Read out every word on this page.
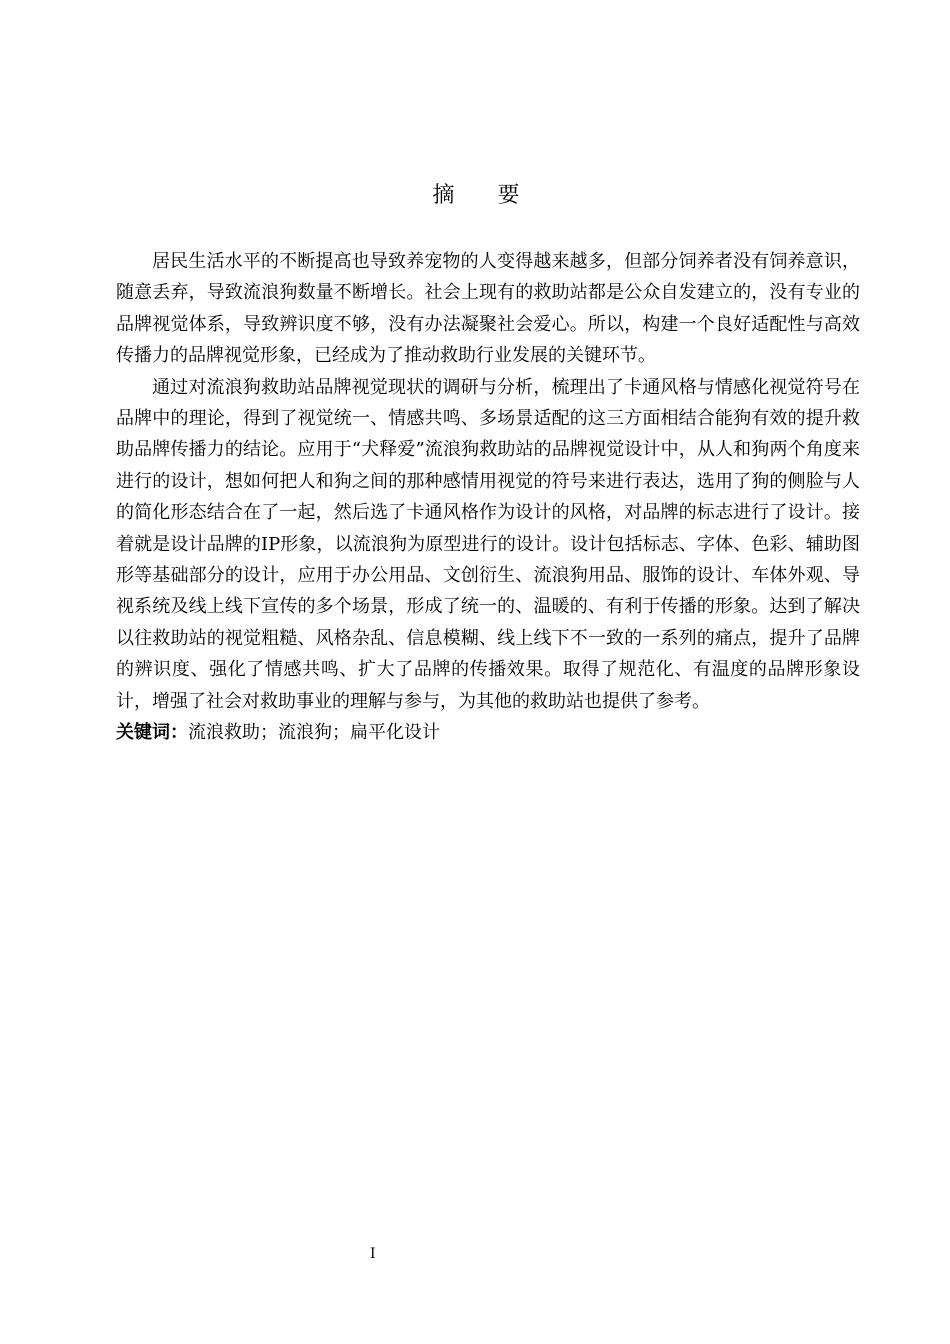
摘 要

居民生活水平的不断提高也导致养宠物的人变得越来越多，但部分饲养者没有饲养意识，随意丢弃，导致流浪狗数量不断增长。社会上现有的救助站都是公众自发建立的，没有专业的品牌视觉体系，导致辨识度不够，没有办法凝聚社会爱心。所以，构建一个良好适配性与高效传播力的品牌视觉形象，已经成为了推动救助行业发展的关键环节。

通过对流浪狗救助站品牌视觉现状的调研与分析，梳理出了卡通风格与情感化视觉符号在品牌中的理论，得到了视觉统一、情感共鸣、多场景适配的这三方面相结合能狗有效的提升救助品牌传播力的结论。应用于“犬释爱”流浪狗救助站的品牌视觉设计中，从人和狗两个角度来进行的设计，想如何把人和狗之间的那种感情用视觉的符号来进行表达，选用了狗的侧脸与人的简化形态结合在了一起，然后选了卡通风格作为设计的风格，对品牌的标志进行了设计。接着就是设计品牌的IP形象，以流浪狗为原型进行的设计。设计包括标志、字体、色彩、辅助图形等基础部分的设计，应用于办公用品、文创衍生、流浪狗用品、服饰的设计、车体外观、导视系统及线上线下宣传的多个场景，形成了统一的、温暖的、有利于传播的形象。达到了解决以往救助站的视觉粗糙、风格杂乱、信息模糊、线上线下不一致的一系列的痛点，提升了品牌的辨识度、强化了情感共鸣、扩大了品牌的传播效果。取得了规范化、有温度的品牌形象设计，增强了社会对救助事业的理解与参与，为其他的救助站也提供了参考。

关键词：流浪救助；流浪狗；扁平化设计

I
